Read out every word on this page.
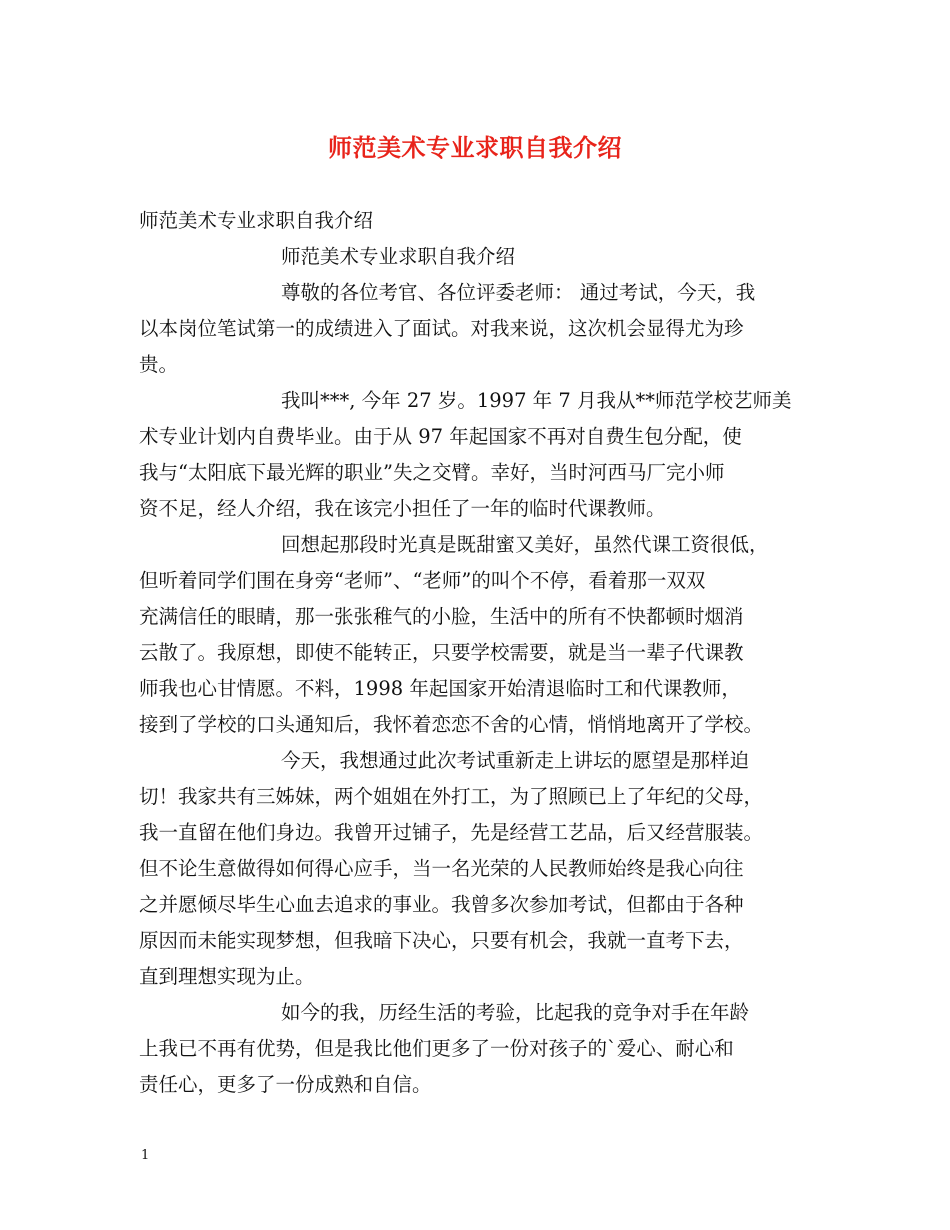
师范美术专业求职自我介绍
师范美术专业求职自我介绍
师范美术专业求职自我介绍
尊敬的各位考官、各位评委老师： 通过考试，今天，我
以本岗位笔试第一的成绩进入了面试。对我来说，这次机会显得尤为珍
贵。
我叫***, 今年 27 岁。1997 年 7 月我从**师范学校艺师美
术专业计划内自费毕业。由于从 97 年起国家不再对自费生包分配，使
我与“太阳底下最光辉的职业”失之交臂。幸好，当时河西马厂完小师
资不足，经人介绍，我在该完小担任了一年的临时代课教师。
回想起那段时光真是既甜蜜又美好，虽然代课工资很低，
但听着同学们围在身旁“老师”、“老师”的叫个不停，看着那一双双
充满信任的眼睛，那一张张稚气的小脸，生活中的所有不快都顿时烟消
云散了。我原想，即使不能转正，只要学校需要，就是当一辈子代课教
师我也心甘情愿。不料，1998 年起国家开始清退临时工和代课教师，
接到了学校的口头通知后，我怀着恋恋不舍的心情，悄悄地离开了学校。
今天，我想通过此次考试重新走上讲坛的愿望是那样迫
切！我家共有三姊妹，两个姐姐在外打工，为了照顾已上了年纪的父母，
我一直留在他们身边。我曾开过铺子，先是经营工艺品，后又经营服装。
但不论生意做得如何得心应手，当一名光荣的人民教师始终是我心向往
之并愿倾尽毕生心血去追求的事业。我曾多次参加考试，但都由于各种
原因而未能实现梦想，但我暗下决心，只要有机会，我就一直考下去，
直到理想实现为止。
如今的我，历经生活的考验，比起我的竞争对手在年龄
上我已不再有优势，但是我比他们更多了一份对孩子的`爱心、耐心和
责任心，更多了一份成熟和自信。
1
